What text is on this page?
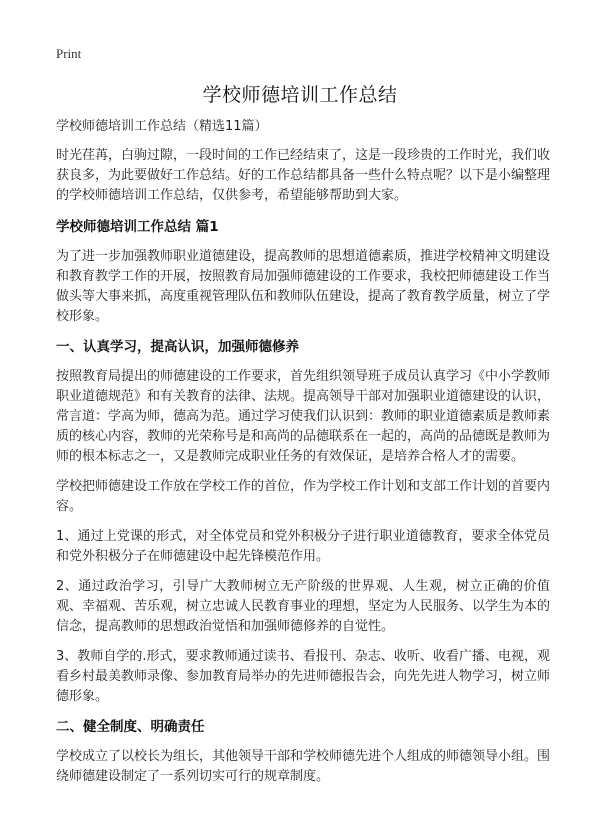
Print
学校师德培训工作总结

学校师德培训工作总结（精选11篇）

时光荏苒，白驹过隙，一段时间的工作已经结束了，这是一段珍贵的工作时光，我们收获良多，为此要做好工作总结。好的工作总结都具备一些什么特点呢？以下是小编整理的学校师德培训工作总结，仅供参考，希望能够帮助到大家。

学校师德培训工作总结 篇1

为了进一步加强教师职业道德建设，提高教师的思想道德素质，推进学校精神文明建设和教育教学工作的开展，按照教育局加强师德建设的工作要求，我校把师德建设工作当做头等大事来抓，高度重视管理队伍和教师队伍建设，提高了教育教学质量，树立了学校形象。

一、认真学习，提高认识，加强师德修养

按照教育局提出的师德建设的工作要求，首先组织领导班子成员认真学习《中小学教师职业道德规范》和有关教育的法律、法规。提高领导干部对加强职业道德建设的认识，常言道：学高为师，德高为范。通过学习使我们认识到：教师的职业道德素质是教师素质的核心内容，教师的光荣称号是和高尚的品德联系在一起的，高尚的品德既是教师为师的根本标志之一，又是教师完成职业任务的有效保证，是培养合格人才的需要。

学校把师德建设工作放在学校工作的首位，作为学校工作计划和支部工作计划的首要内容。

1、通过上党课的形式，对全体党员和党外积极分子进行职业道德教育，要求全体党员和党外积极分子在师德建设中起先锋模范作用。

2、通过政治学习，引导广大教师树立无产阶级的世界观、人生观，树立正确的价值观、幸福观、苦乐观，树立忠诚人民教育事业的理想，坚定为人民服务、以学生为本的信念，提高教师的思想政治觉悟和加强师德修养的自觉性。

3、教师自学的.形式，要求教师通过读书、看报刊、杂志、收听、收看广播、电视，观看乡村最美教师录像、参加教育局举办的先进师德报告会，向先先进人物学习，树立师德形象。

二、健全制度、明确责任

学校成立了以校长为组长，其他领导干部和学校师德先进个人组成的师德领导小组。围绕师德建设制定了一系列切实可行的规章制度。
